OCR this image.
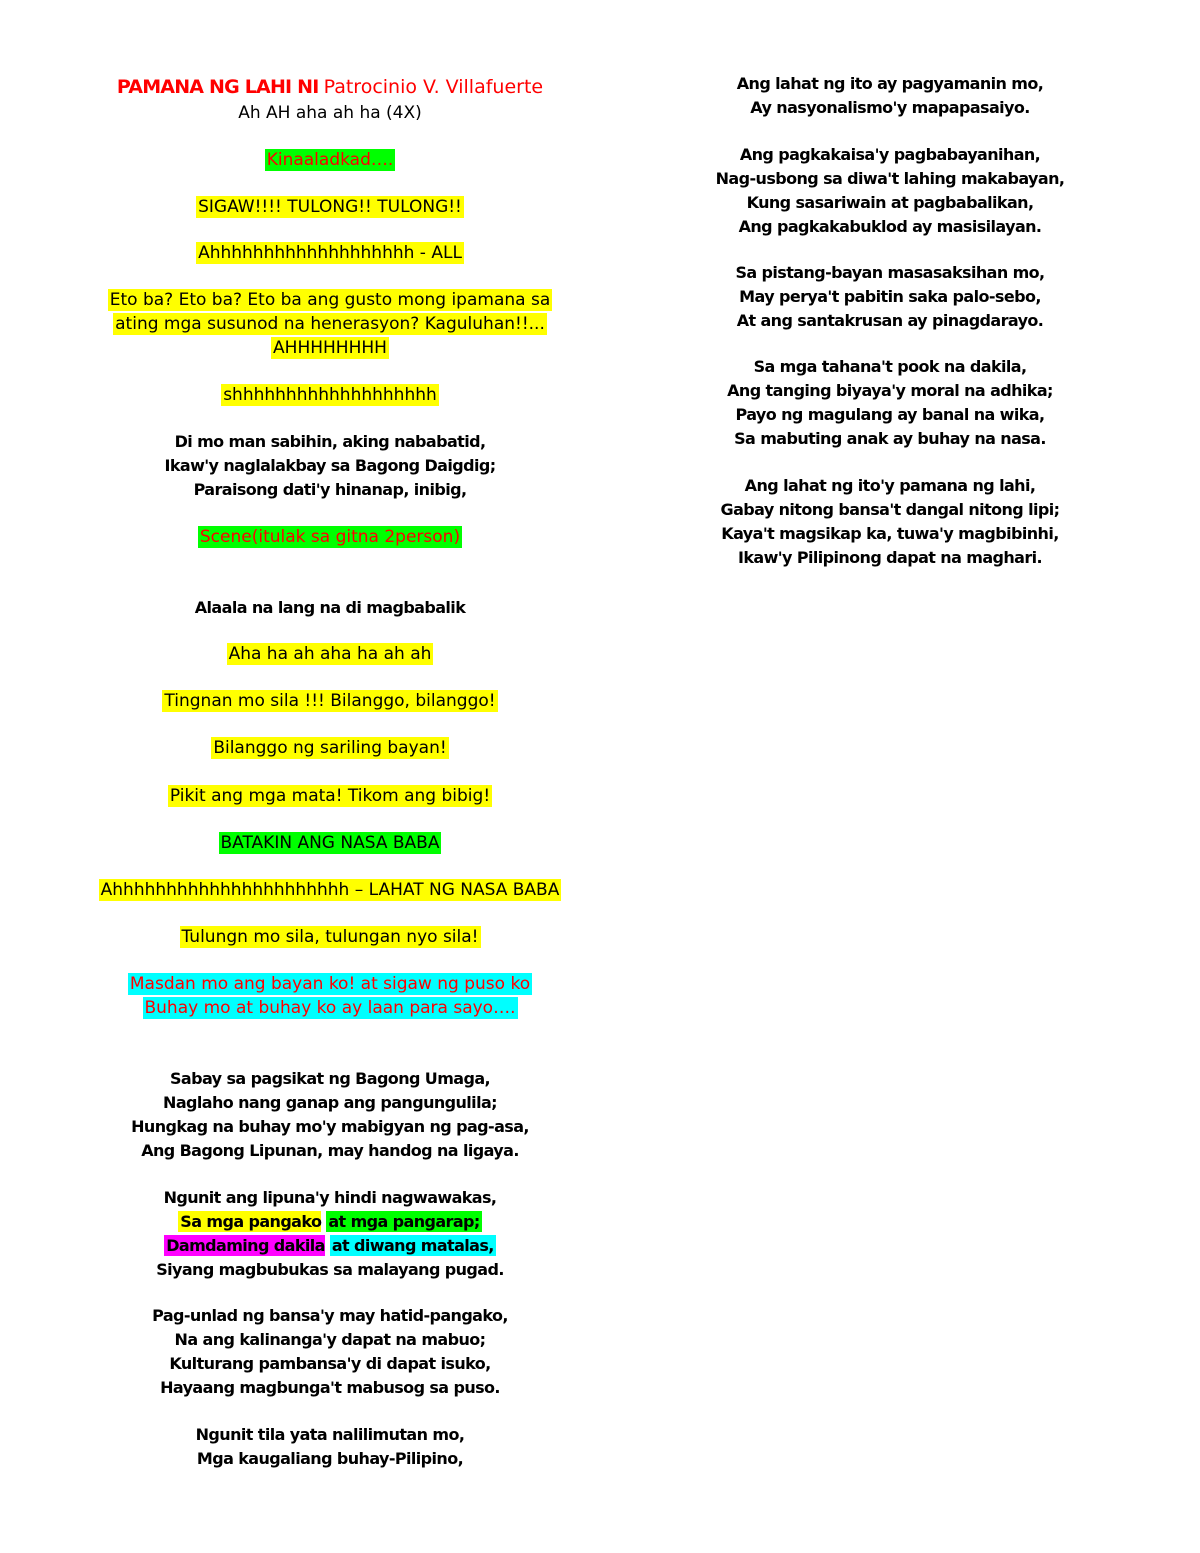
PAMANA NG LAHI NI Patrocinio V. Villafuerte
Ah AH aha ah ha (4X)
Kinaaladkad….
SIGAW!!!! TULONG!! TULONG!!
Ahhhhhhhhhhhhhhhhhhh - ALL
Eto ba? Eto ba? Eto ba ang gusto mong ipamana sa
ating mga susunod na henerasyon? Kaguluhan!!...
AHHHHHHHH
shhhhhhhhhhhhhhhhhhh
Di mo man sabihin, aking nababatid,
Ikaw'y naglalakbay sa Bagong Daigdig;
Paraisong dati'y hinanap, inibig,
Scene(itulak sa gitna 2person)
Alaala na lang na di magbabalik
Aha ha ah aha ha ah ah
Tingnan mo sila !!! Bilanggo, bilanggo!
Bilanggo ng sariling bayan!
Pikit ang mga mata! Tikom ang bibig!
BATAKIN ANG NASA BABA
Ahhhhhhhhhhhhhhhhhhhhhh – LAHAT NG NASA BABA
Tulungn mo sila, tulungan nyo sila!
Masdan mo ang bayan ko! at sigaw ng puso ko
Buhay mo at buhay ko ay laan para sayo….
Sabay sa pagsikat ng Bagong Umaga,
Naglaho nang ganap ang pangungulila;
Hungkag na buhay mo'y mabigyan ng pag-asa,
Ang Bagong Lipunan, may handog na ligaya.
Ngunit ang lipuna'y hindi nagwawakas,
Sa mga pangako at mga pangarap;
Damdaming dakila at diwang matalas,
Siyang magbubukas sa malayang pugad.
Pag-unlad ng bansa'y may hatid-pangako,
Na ang kalinanga'y dapat na mabuo;
Kulturang pambansa'y di dapat isuko,
Hayaang magbunga't mabusog sa puso.
Ngunit tila yata nalilimutan mo,
Mga kaugaliang buhay-Pilipino,
Ang lahat ng ito ay pagyamanin mo,
Ay nasyonalismo'y mapapasaiyo.
Ang pagkakaisa'y pagbabayanihan,
Nag-usbong sa diwa't lahing makabayan,
Kung sasariwain at pagbabalikan,
Ang pagkakabuklod ay masisilayan.
Sa pistang-bayan masasaksihan mo,
May perya't pabitin saka palo-sebo,
At ang santakrusan ay pinagdarayo.
Sa mga tahana't pook na dakila,
Ang tanging biyaya'y moral na adhika;
Payo ng magulang ay banal na wika,
Sa mabuting anak ay buhay na nasa.
Ang lahat ng ito'y pamana ng lahi,
Gabay nitong bansa't dangal nitong lipi;
Kaya't magsikap ka, tuwa'y magbibinhi,
Ikaw'y Pilipinong dapat na maghari.
